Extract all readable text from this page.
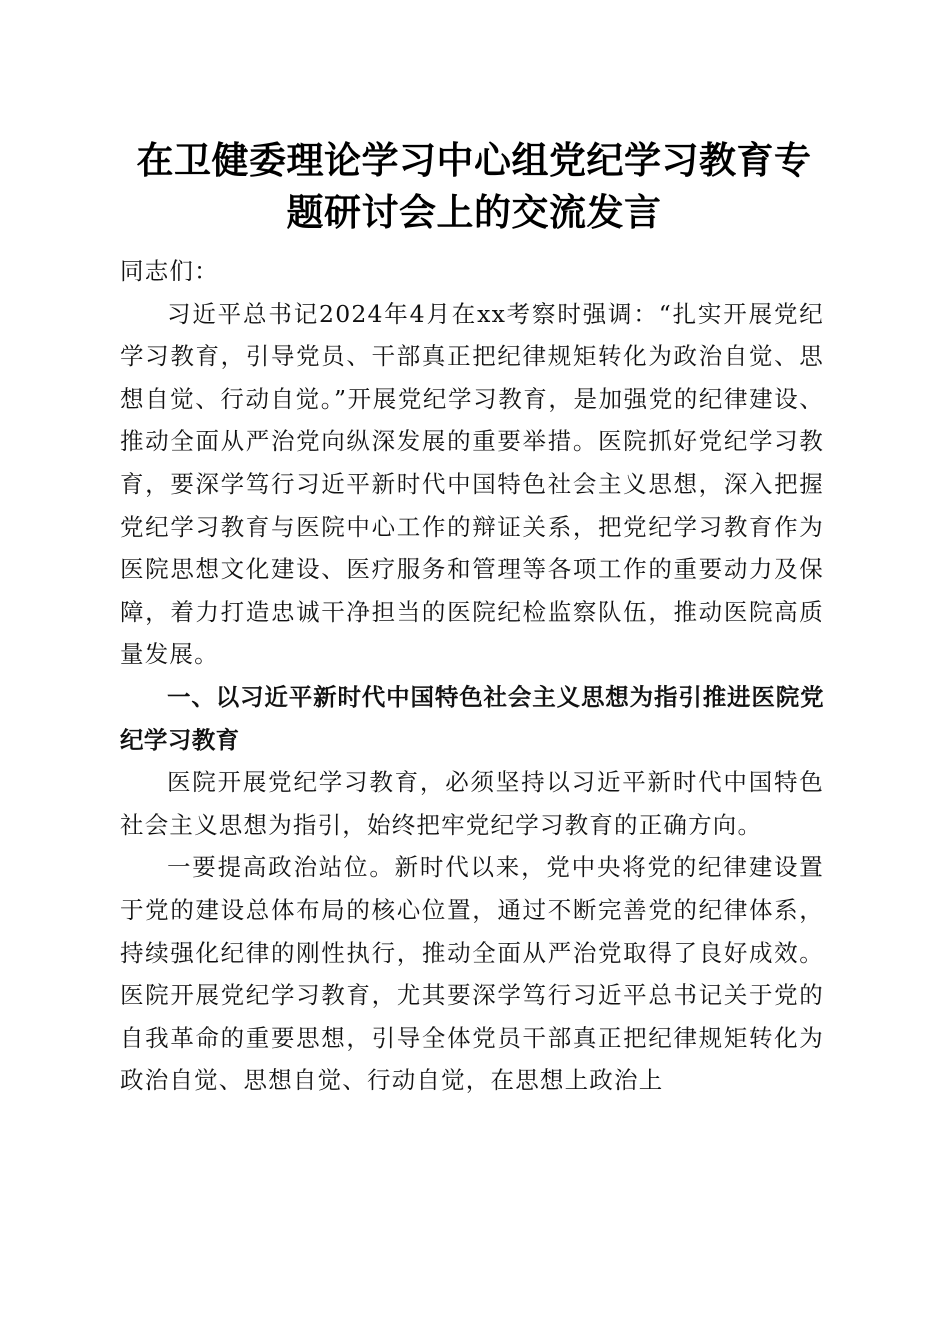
在卫健委理论学习中心组党纪学习教育专题研讨会上的交流发言

同志们：

习近平总书记2024年4月在xx考察时强调：“扎实开展党纪学习教育，引导党员、干部真正把纪律规矩转化为政治自觉、思想自觉、行动自觉。”开展党纪学习教育，是加强党的纪律建设、推动全面从严治党向纵深发展的重要举措。医院抓好党纪学习教育，要深学笃行习近平新时代中国特色社会主义思想，深入把握党纪学习教育与医院中心工作的辩证关系，把党纪学习教育作为医院思想文化建设、医疗服务和管理等各项工作的重要动力及保障，着力打造忠诚干净担当的医院纪检监察队伍，推动医院高质量发展。

一、以习近平新时代中国特色社会主义思想为指引推进医院党纪学习教育

医院开展党纪学习教育，必须坚持以习近平新时代中国特色社会主义思想为指引，始终把牢党纪学习教育的正确方向。

一要提高政治站位。新时代以来，党中央将党的纪律建设置于党的建设总体布局的核心位置，通过不断完善党的纪律体系，持续强化纪律的刚性执行，推动全面从严治党取得了良好成效。医院开展党纪学习教育，尤其要深学笃行习近平总书记关于党的自我革命的重要思想，引导全体党员干部真正把纪律规矩转化为政治自觉、思想自觉、行动自觉，在思想上政治上
